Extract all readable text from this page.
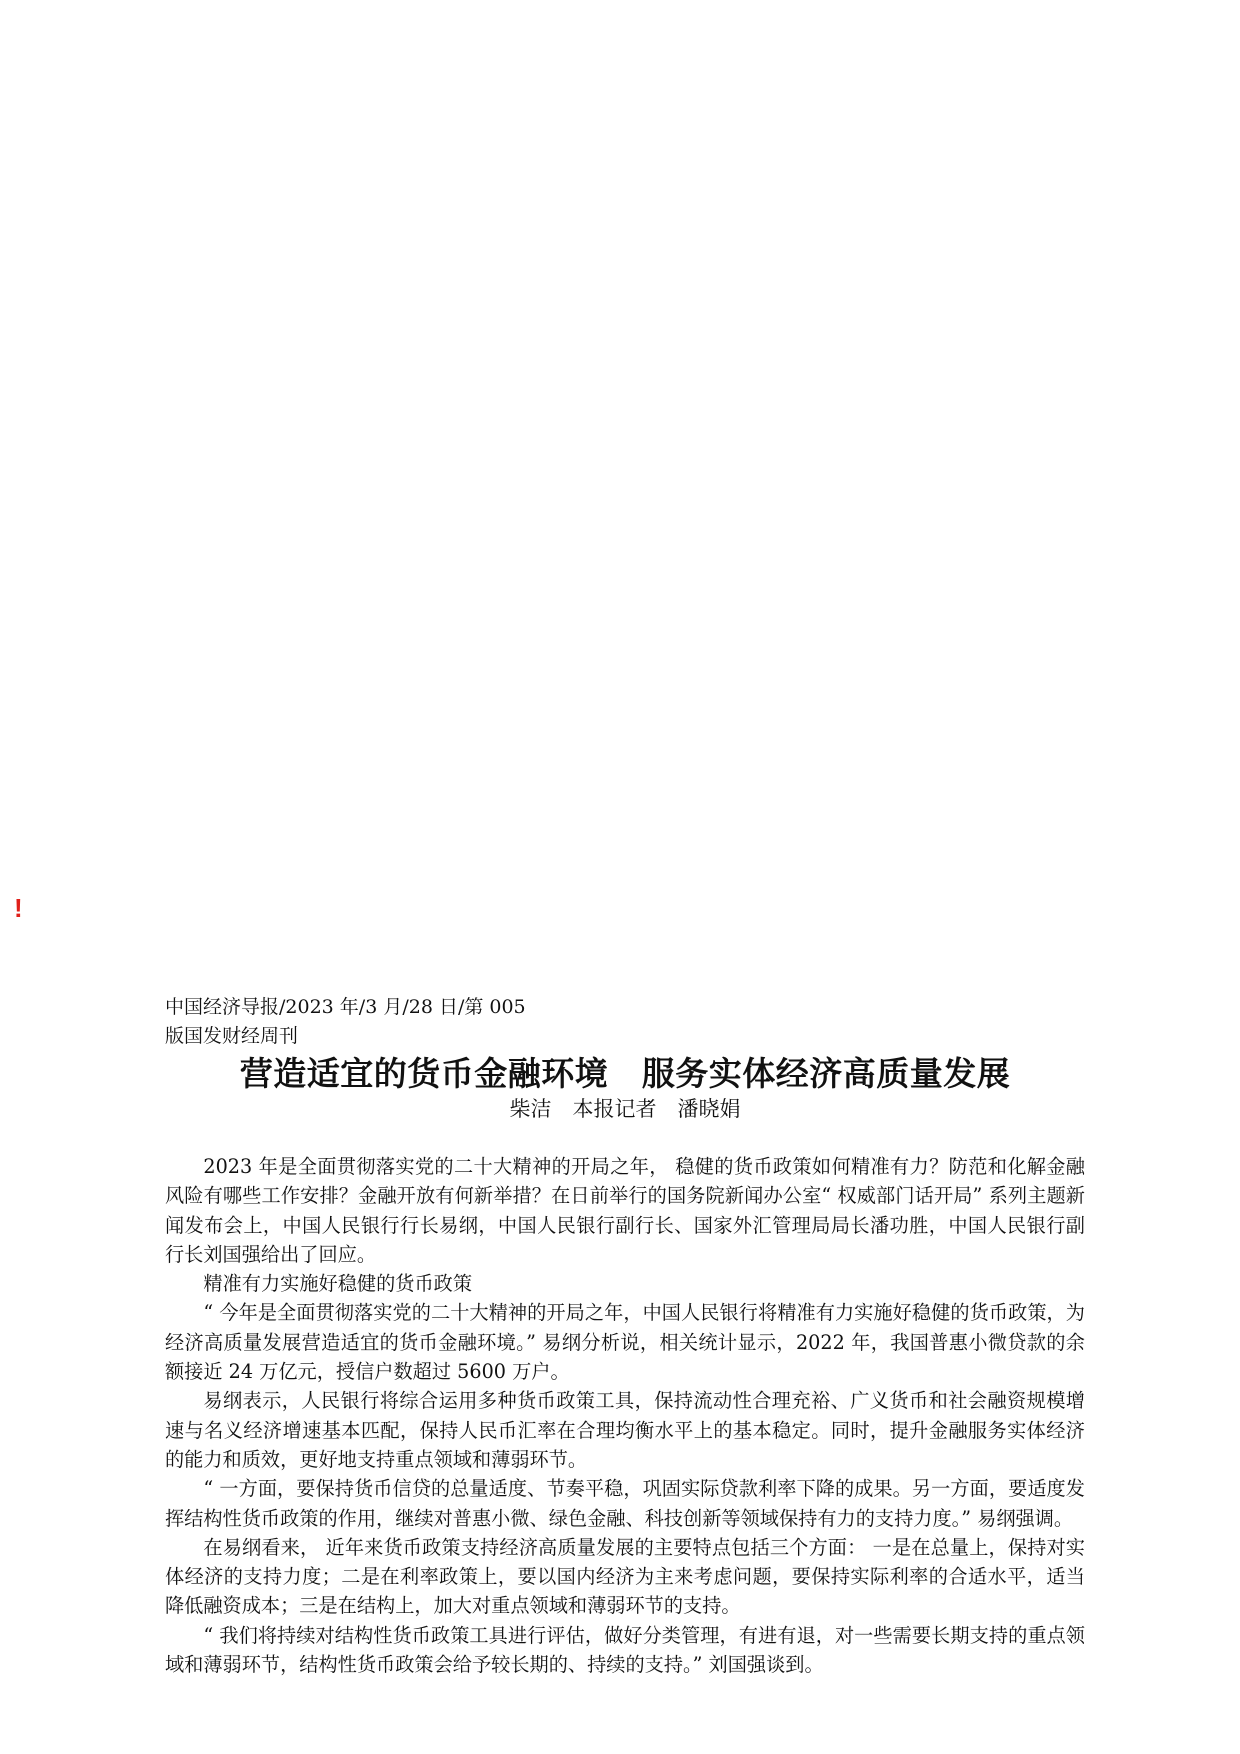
!

中国经济导报/2023 年/3 月/28 日/第 005

版国发财经周刊

营造适宜的货币金融环境　服务实体经济高质量发展

柴洁　本报记者　潘晓娟

2023 年是全面贯彻落实党的二十大精神的开局之年， 稳健的货币政策如何精准有力？防范和化解金融风险有哪些工作安排？金融开放有何新举措？在日前举行的国务院新闻办公室“ 权威部门话开局” 系列主题新闻发布会上，中国人民银行行长易纲，中国人民银行副行长、国家外汇管理局局长潘功胜，中国人民银行副行长刘国强给出了回应。

精准有力实施好稳健的货币政策

“ 今年是全面贯彻落实党的二十大精神的开局之年，中国人民银行将精准有力实施好稳健的货币政策，为经济高质量发展营造适宜的货币金融环境。” 易纲分析说，相关统计显示，2022 年，我国普惠小微贷款的余额接近 24 万亿元，授信户数超过 5600 万户。

易纲表示，人民银行将综合运用多种货币政策工具，保持流动性合理充裕、广义货币和社会融资规模增速与名义经济增速基本匹配，保持人民币汇率在合理均衡水平上的基本稳定。同时，提升金融服务实体经济的能力和质效，更好地支持重点领域和薄弱环节。

“ 一方面，要保持货币信贷的总量适度、节奏平稳，巩固实际贷款利率下降的成果。另一方面，要适度发挥结构性货币政策的作用，继续对普惠小微、绿色金融、科技创新等领域保持有力的支持力度。” 易纲强调。

在易纲看来， 近年来货币政策支持经济高质量发展的主要特点包括三个方面： 一是在总量上，保持对实体经济的支持力度；二是在利率政策上，要以国内经济为主来考虑问题，要保持实际利率的合适水平，适当降低融资成本；三是在结构上，加大对重点领域和薄弱环节的支持。

“ 我们将持续对结构性货币政策工具进行评估，做好分类管理，有进有退，对一些需要长期支持的重点领域和薄弱环节，结构性货币政策会给予较长期的、持续的支持。” 刘国强谈到。
